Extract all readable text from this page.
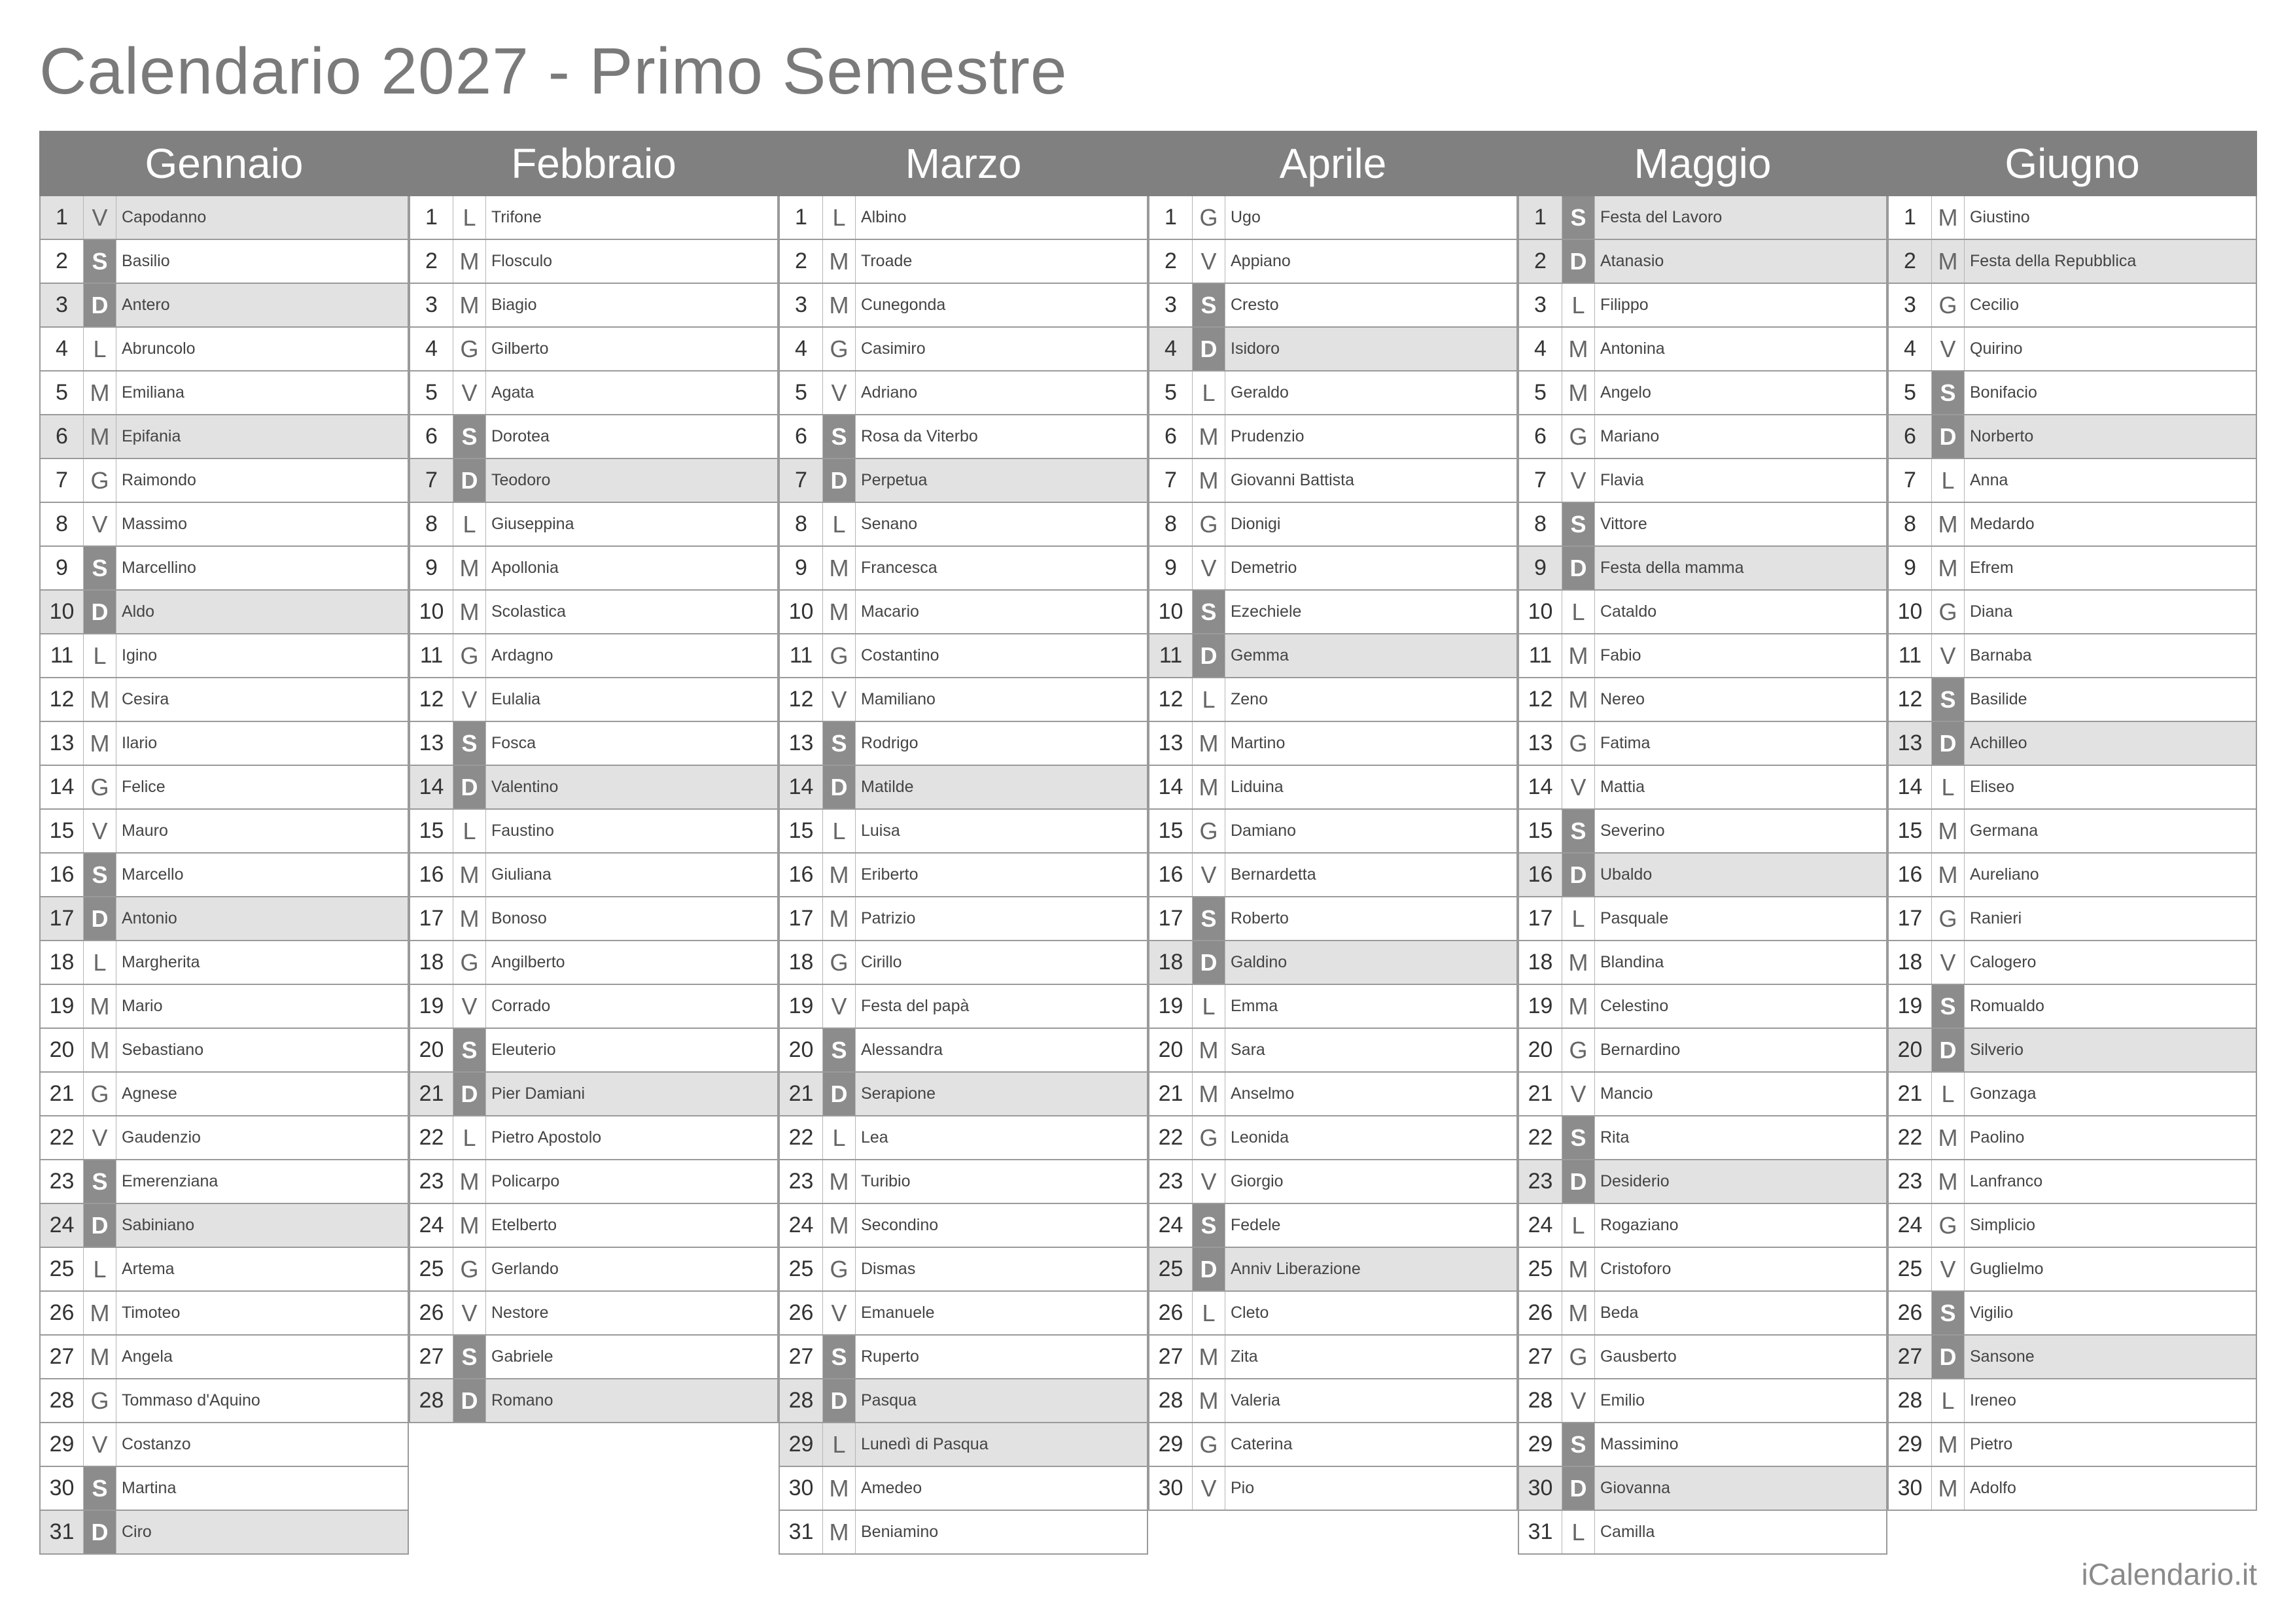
Calendario 2027 - Primo Semestre
Gennaio	Febbraio	Marzo	Aprile	Maggio	Giugno
1	V Capodanno
2	S Basilio
3 D Antero
4	L Abruncolo
5 M Emiliana
6 M Epifania
7 G Raimondo
8	V Massimo
9	S Marcellino
10 D Aldo
11 L Igino
12 M Cesira
13 M Ilario
14 G Felice
15 V Mauro
16 S Marcello
17 D Antonio
18 L Margherita
19 M Mario
20 M Sebastiano
21 G Agnese
22 V Gaudenzio
23 S Emerenziana
24 D Sabiniano
25 L Artema
26 M Timoteo
27 M Angela
28 G Tommaso d'Aquino
29 V Costanzo
30 S Martina
31 D Ciro
1	L Trifone
2 M Flosculo
3 M Biagio
4 G Gilberto
5	V Agata
6	S Dorotea
7 D Teodoro
8	L Giuseppina
9 M Apollonia
10 M Scolastica
11 G Ardagno
12 V Eulalia
13 S Fosca
14 D Valentino
15 L Faustino
16 M Giuliana
17 M Bonoso
18 G Angilberto
19 V Corrado
20 S Eleuterio
21 D Pier Damiani
22 L Pietro Apostolo
23 M Policarpo
24 M Etelberto
25 G Gerlando
26 V Nestore
27 S Gabriele
28 D Romano
1	L Albino
2 M Troade
3 M Cunegonda
4 G Casimiro
5	V Adriano
6	S Rosa da Viterbo
7 D Perpetua
8	L Senano
9 M Francesca
10 M Macario
11 G Costantino
12 V Mamiliano
13 S Rodrigo
14 D Matilde
15 L Luisa
16 M Eriberto
17 M Patrizio
18 G Cirillo
19 V Festa del papà
20 S Alessandra
21 D Serapione
22 L Lea
23 M Turibio
24 M Secondino
25 G Dismas
26 V Emanuele
27 S Ruperto
28 D Pasqua
29 L Lunedì di Pasqua
30 M Amedeo
31 M Beniamino
1 G Ugo
2	V Appiano
3	S Cresto
4 D Isidoro
5	L Geraldo
6 M Prudenzio
7 M Giovanni Battista
8 G Dionigi
9	V Demetrio
10 S Ezechiele
11 D Gemma
12 L Zeno
13 M Martino
14 M Liduina
15 G Damiano
16 V Bernardetta
17 S Roberto
18 D Galdino
19 L Emma
20 M Sara
21 M Anselmo
22 G Leonida
23 V Giorgio
24 S Fedele
25 D Anniv Liberazione
26 L Cleto
27 M Zita
28 M Valeria
29 G Caterina
30 V Pio
1	S Festa del Lavoro
2 D Atanasio
3	L Filippo
4 M Antonina
5 M Angelo
6 G Mariano
7	V Flavia
8	S Vittore
9 D Festa della mamma
10 L Cataldo
11 M Fabio
12 M Nereo
13 G Fatima
14 V Mattia
15 S Severino
16 D Ubaldo
17 L Pasquale
18 M Blandina
19 M Celestino
20 G Bernardino
21 V Mancio
22 S Rita
23 D Desiderio
24 L Rogaziano
25 M Cristoforo
26 M Beda
27 G Gausberto
28 V Emilio
29 S Massimino
30 D Giovanna
31 L Camilla
1 M Giustino
2 M Festa della Repubblica
3 G Cecilio
4	V Quirino
5	S Bonifacio
6 D Norberto
7	L Anna
8 M Medardo
9 M Efrem
10 G Diana
11 V Barnaba
12 S Basilide
13 D Achilleo
14 L Eliseo
15 M Germana
16 M Aureliano
17 G Ranieri
18 V Calogero
19 S Romualdo
20 D Silverio
21 L Gonzaga
22 M Paolino
23 M Lanfranco
24 G Simplicio
25 V Guglielmo
26 S Vigilio
27 D Sansone
28 L Ireneo
29 M Pietro
30 M Adolfo
iCalendario.it
